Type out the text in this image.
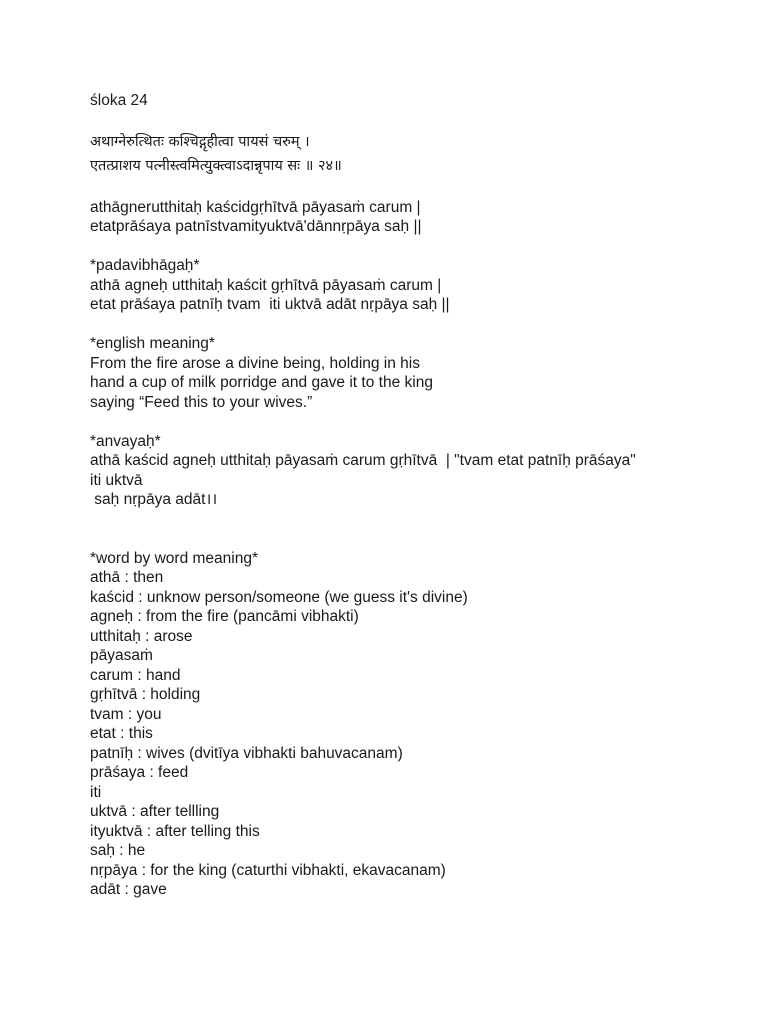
śloka 24
अथाग्नेरुत्थितः कश्चिद्गृहीत्वा पायसं चरुम् ।
एतत्प्राशय पत्नीस्त्वमित्युक्त्वाऽदान्नृपाय सः ॥ २४॥
athāgnerutthitaḥ kaścidgṛhītvā pāyasaṁ carum |
etatprāśaya patnīstvamityuktvā'dānnṛpāya saḥ ||
*padavibhāgaḥ*
athā agneḥ utthitaḥ kaścit gṛhītvā pāyasaṁ carum |
etat prāśaya patnīḥ tvam  iti uktvā adāt nṛpāya saḥ ||
*english meaning*
From the fire arose a divine being, holding in his
hand a cup of milk porridge and gave it to the king
saying “Feed this to your wives.”
*anvayaḥ*
athā kaścid agneḥ utthitaḥ pāyasaṁ carum gṛhītvā  | "tvam etat patnīḥ prāśaya"
iti uktvā
saḥ nṛpāya adāt।।
*word by word meaning*
athā : then
kaścid : unknow person/someone (we guess it's divine)
agneḥ : from the fire (pancāmi vibhakti)
utthitaḥ : arose
pāyasaṁ
carum : hand
gṛhītvā : holding
tvam : you
etat : this
patnīḥ : wives (dvitīya vibhakti bahuvacanam)
prāśaya : feed
iti
uktvā : after tellling
ityuktvā : after telling this
saḥ : he
nṛpāya : for the king (caturthi vibhakti, ekavacanam)
adāt : gave
